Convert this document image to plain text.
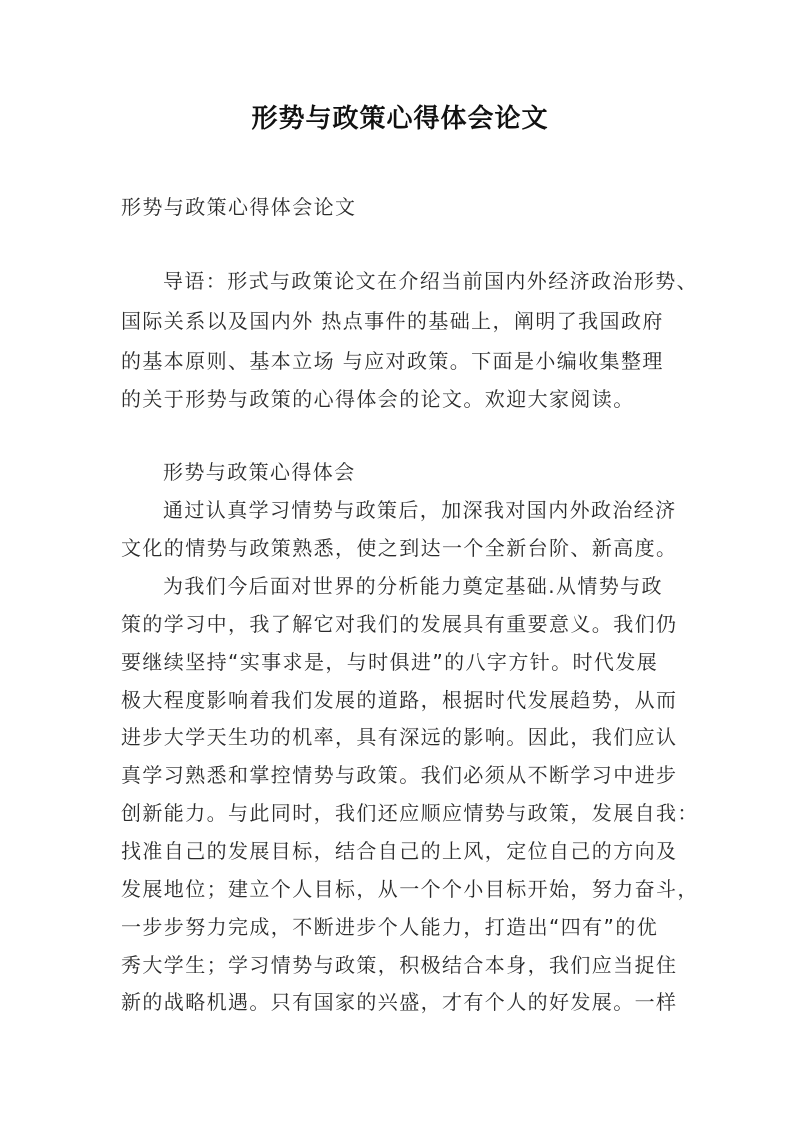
形势与政策心得体会论文
形势与政策心得体会论文
导语：形式与政策论文在介绍当前国内外经济政治形势、
国际关系以及国内外 热点事件的基础上，阐明了我国政府
的基本原则、基本立场 与应对政策。下面是小编收集整理
的关于形势与政策的心得体会的论文。欢迎大家阅读。
形势与政策心得体会
通过认真学习情势与政策后，加深我对国内外政治经济
文化的情势与政策熟悉，使之到达一个全新台阶、新高度。
为我们今后面对世界的分析能力奠定基础.从情势与政
策的学习中，我了解它对我们的发展具有重要意义。我们仍
要继续坚持“实事求是，与时俱进”的八字方针。时代发展
极大程度影响着我们发展的道路，根据时代发展趋势，从而
进步大学天生功的机率，具有深远的影响。因此，我们应认
真学习熟悉和掌控情势与政策。我们必须从不断学习中进步
创新能力。与此同时，我们还应顺应情势与政策，发展自我：
找准自己的发展目标，结合自己的上风，定位自己的方向及
发展地位；建立个人目标，从一个个小目标开始，努力奋斗，
一步步努力完成，不断进步个人能力，打造出“四有”的优
秀大学生；学习情势与政策，积极结合本身，我们应当捉住
新的战略机遇。只有国家的兴盛，才有个人的好发展。一样
